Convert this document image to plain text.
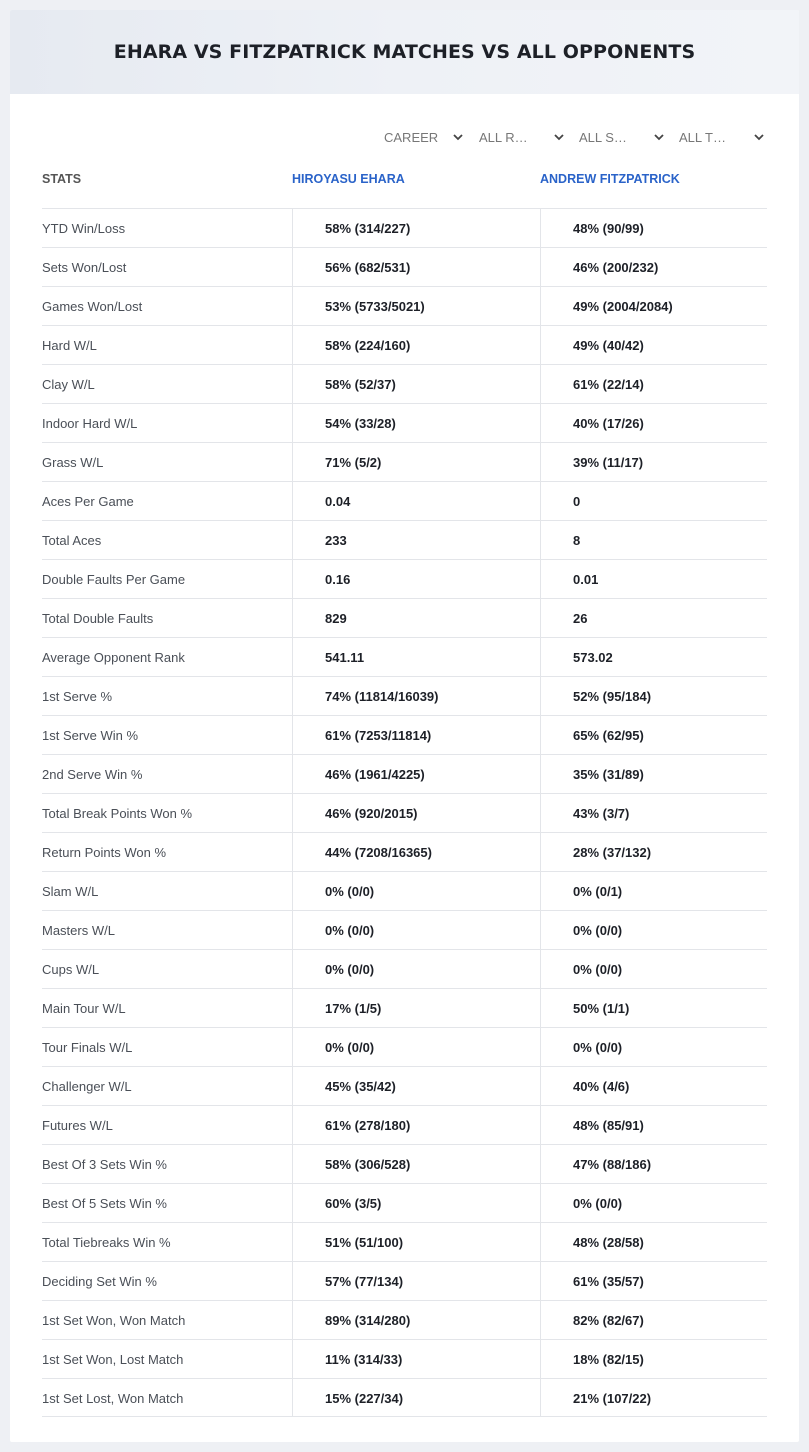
EHARA VS FITZPATRICK MATCHES VS ALL OPPONENTS
CAREER	ALL R…	ALL S…	ALL T…
STATS	HIROYASU EHARA	ANDREW FITZPATRICK
YTD Win/Loss	58% (314/227)	48% (90/99)
Sets Won/Lost	56% (682/531)	46% (200/232)
Games Won/Lost	53% (5733/5021)	49% (2004/2084)
Hard W/L	58% (224/160)	49% (40/42)
Clay W/L	58% (52/37)	61% (22/14)
Indoor Hard W/L	54% (33/28)	40% (17/26)
Grass W/L	71% (5/2)	39% (11/17)
Aces Per Game	0.04	0
Total Aces	233	8
Double Faults Per Game	0.16	0.01
Total Double Faults	829	26
Average Opponent Rank	541.11	573.02
1st Serve %	74% (11814/16039)	52% (95/184)
1st Serve Win %	61% (7253/11814)	65% (62/95)
2nd Serve Win %	46% (1961/4225)	35% (31/89)
Total Break Points Won %	46% (920/2015)	43% (3/7)
Return Points Won %	44% (7208/16365)	28% (37/132)
Slam W/L	0% (0/0)	0% (0/1)
Masters W/L	0% (0/0)	0% (0/0)
Cups W/L	0% (0/0)	0% (0/0)
Main Tour W/L	17% (1/5)	50% (1/1)
Tour Finals W/L	0% (0/0)	0% (0/0)
Challenger W/L	45% (35/42)	40% (4/6)
Futures W/L	61% (278/180)	48% (85/91)
Best Of 3 Sets Win %	58% (306/528)	47% (88/186)
Best Of 5 Sets Win %	60% (3/5)	0% (0/0)
Total Tiebreaks Win %	51% (51/100)	48% (28/58)
Deciding Set Win %	57% (77/134)	61% (35/57)
1st Set Won, Won Match	89% (314/280)	82% (82/67)
1st Set Won, Lost Match	11% (314/33)	18% (82/15)
1st Set Lost, Won Match	15% (227/34)	21% (107/22)
